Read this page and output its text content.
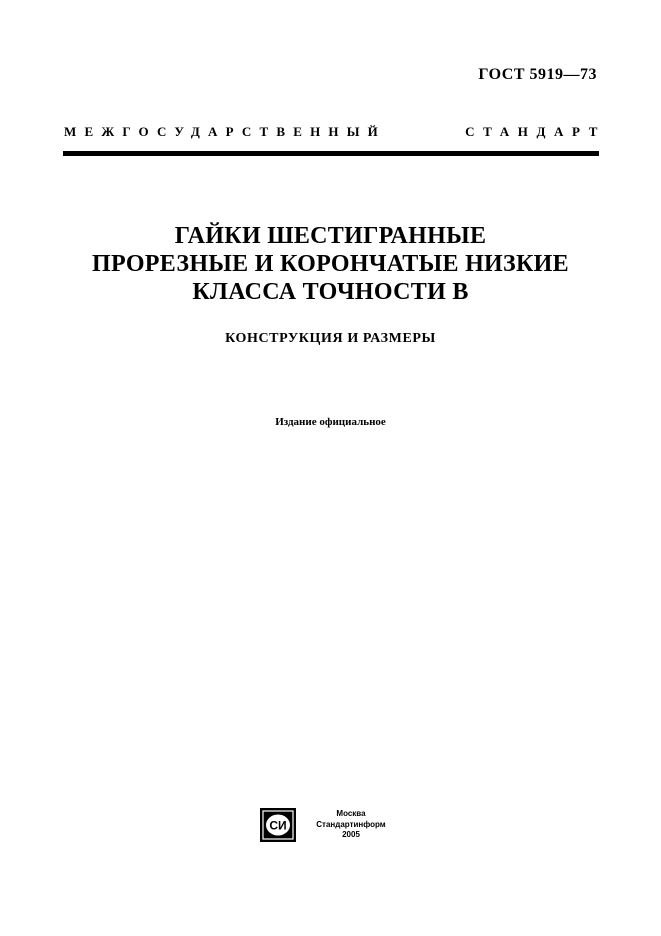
ГОСТ 5919—73
МЕЖГОСУДАРСТВЕННЫЙ	СТАНДАРТ
ГАЙКИ ШЕСТИГРАННЫЕ
ПРОРЕЗНЫЕ И КОРОНЧАТЫЕ НИЗКИЕ
КЛАССА ТОЧНОСТИ В
КОНСТРУКЦИЯ И РАЗМЕРЫ
Издание официальное
СИ
Москва
Стандартинформ
2005
